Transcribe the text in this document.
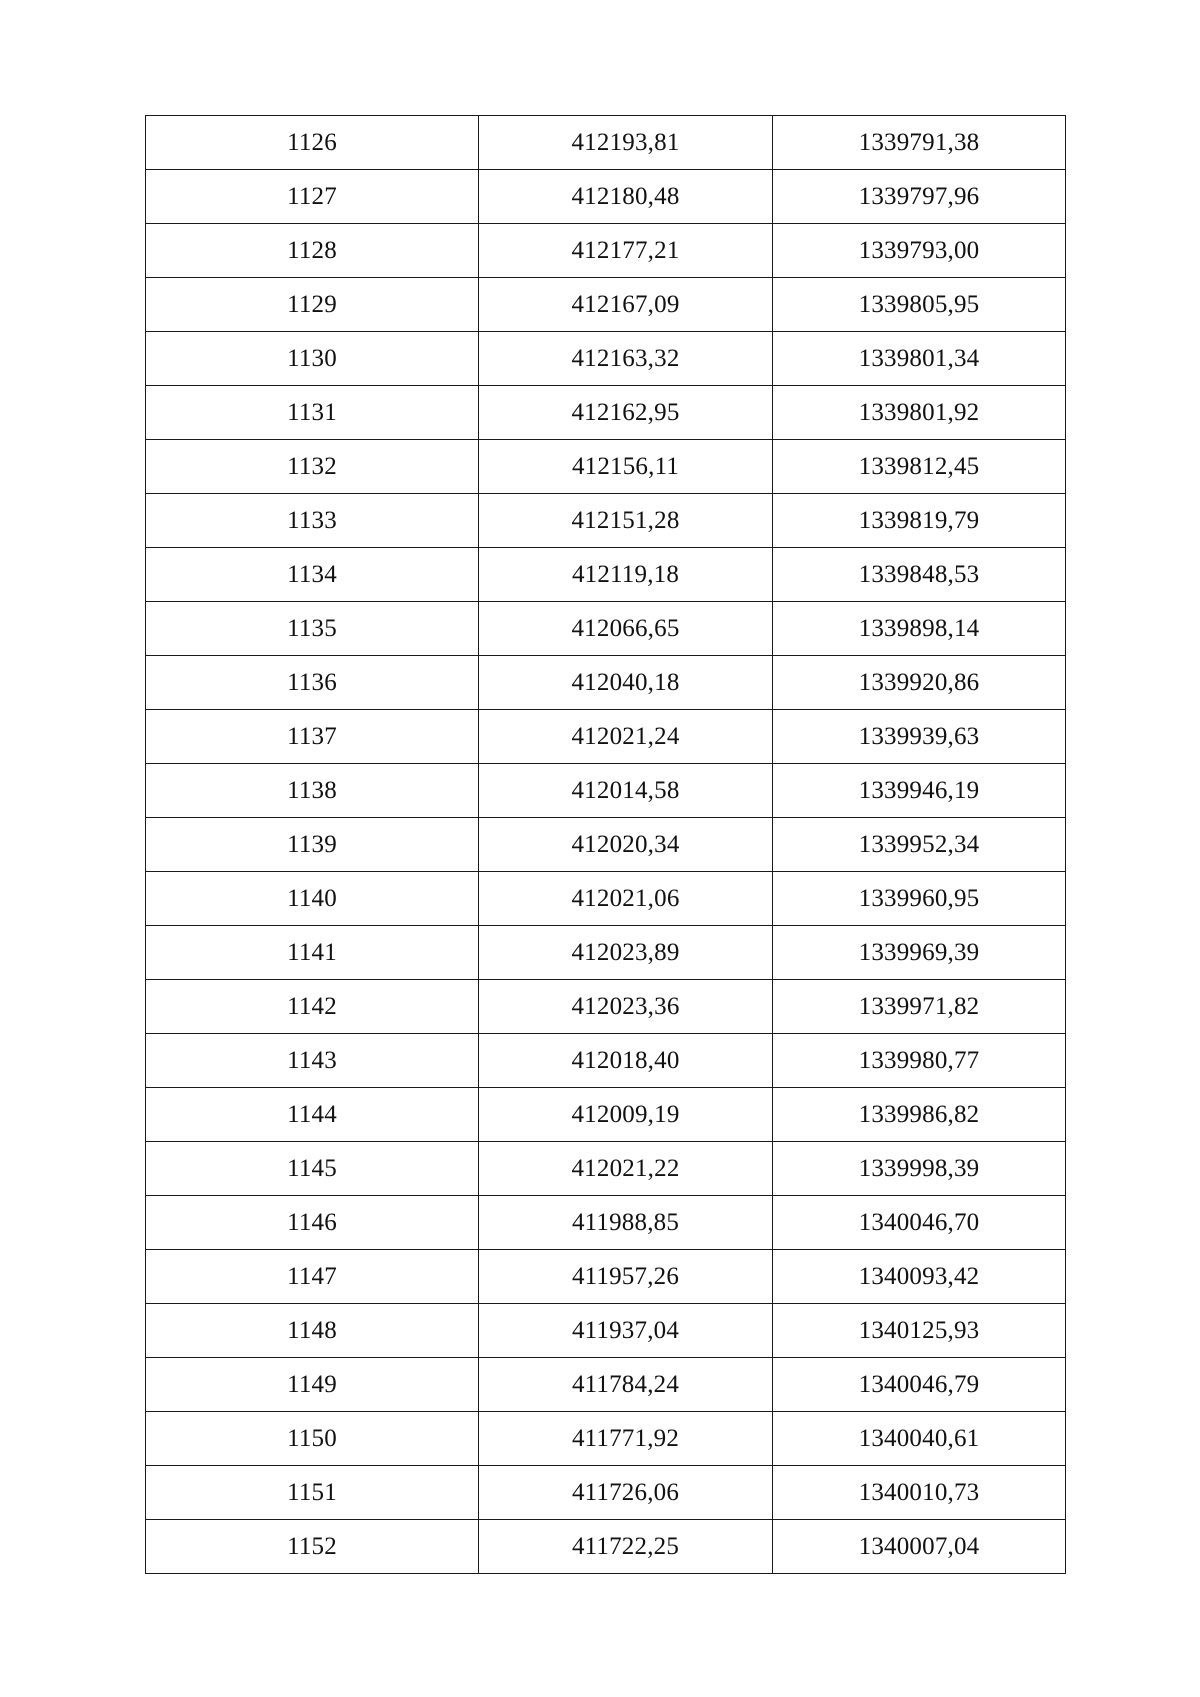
1126	412193,81	1339791,38
1127	412180,48	1339797,96
1128	412177,21	1339793,00
1129	412167,09	1339805,95
1130	412163,32	1339801,34
1131	412162,95	1339801,92
1132	412156,11	1339812,45
1133	412151,28	1339819,79
1134	412119,18	1339848,53
1135	412066,65	1339898,14
1136	412040,18	1339920,86
1137	412021,24	1339939,63
1138	412014,58	1339946,19
1139	412020,34	1339952,34
1140	412021,06	1339960,95
1141	412023,89	1339969,39
1142	412023,36	1339971,82
1143	412018,40	1339980,77
1144	412009,19	1339986,82
1145	412021,22	1339998,39
1146	411988,85	1340046,70
1147	411957,26	1340093,42
1148	411937,04	1340125,93
1149	411784,24	1340046,79
1150	411771,92	1340040,61
1151	411726,06	1340010,73
1152	411722,25	1340007,04
